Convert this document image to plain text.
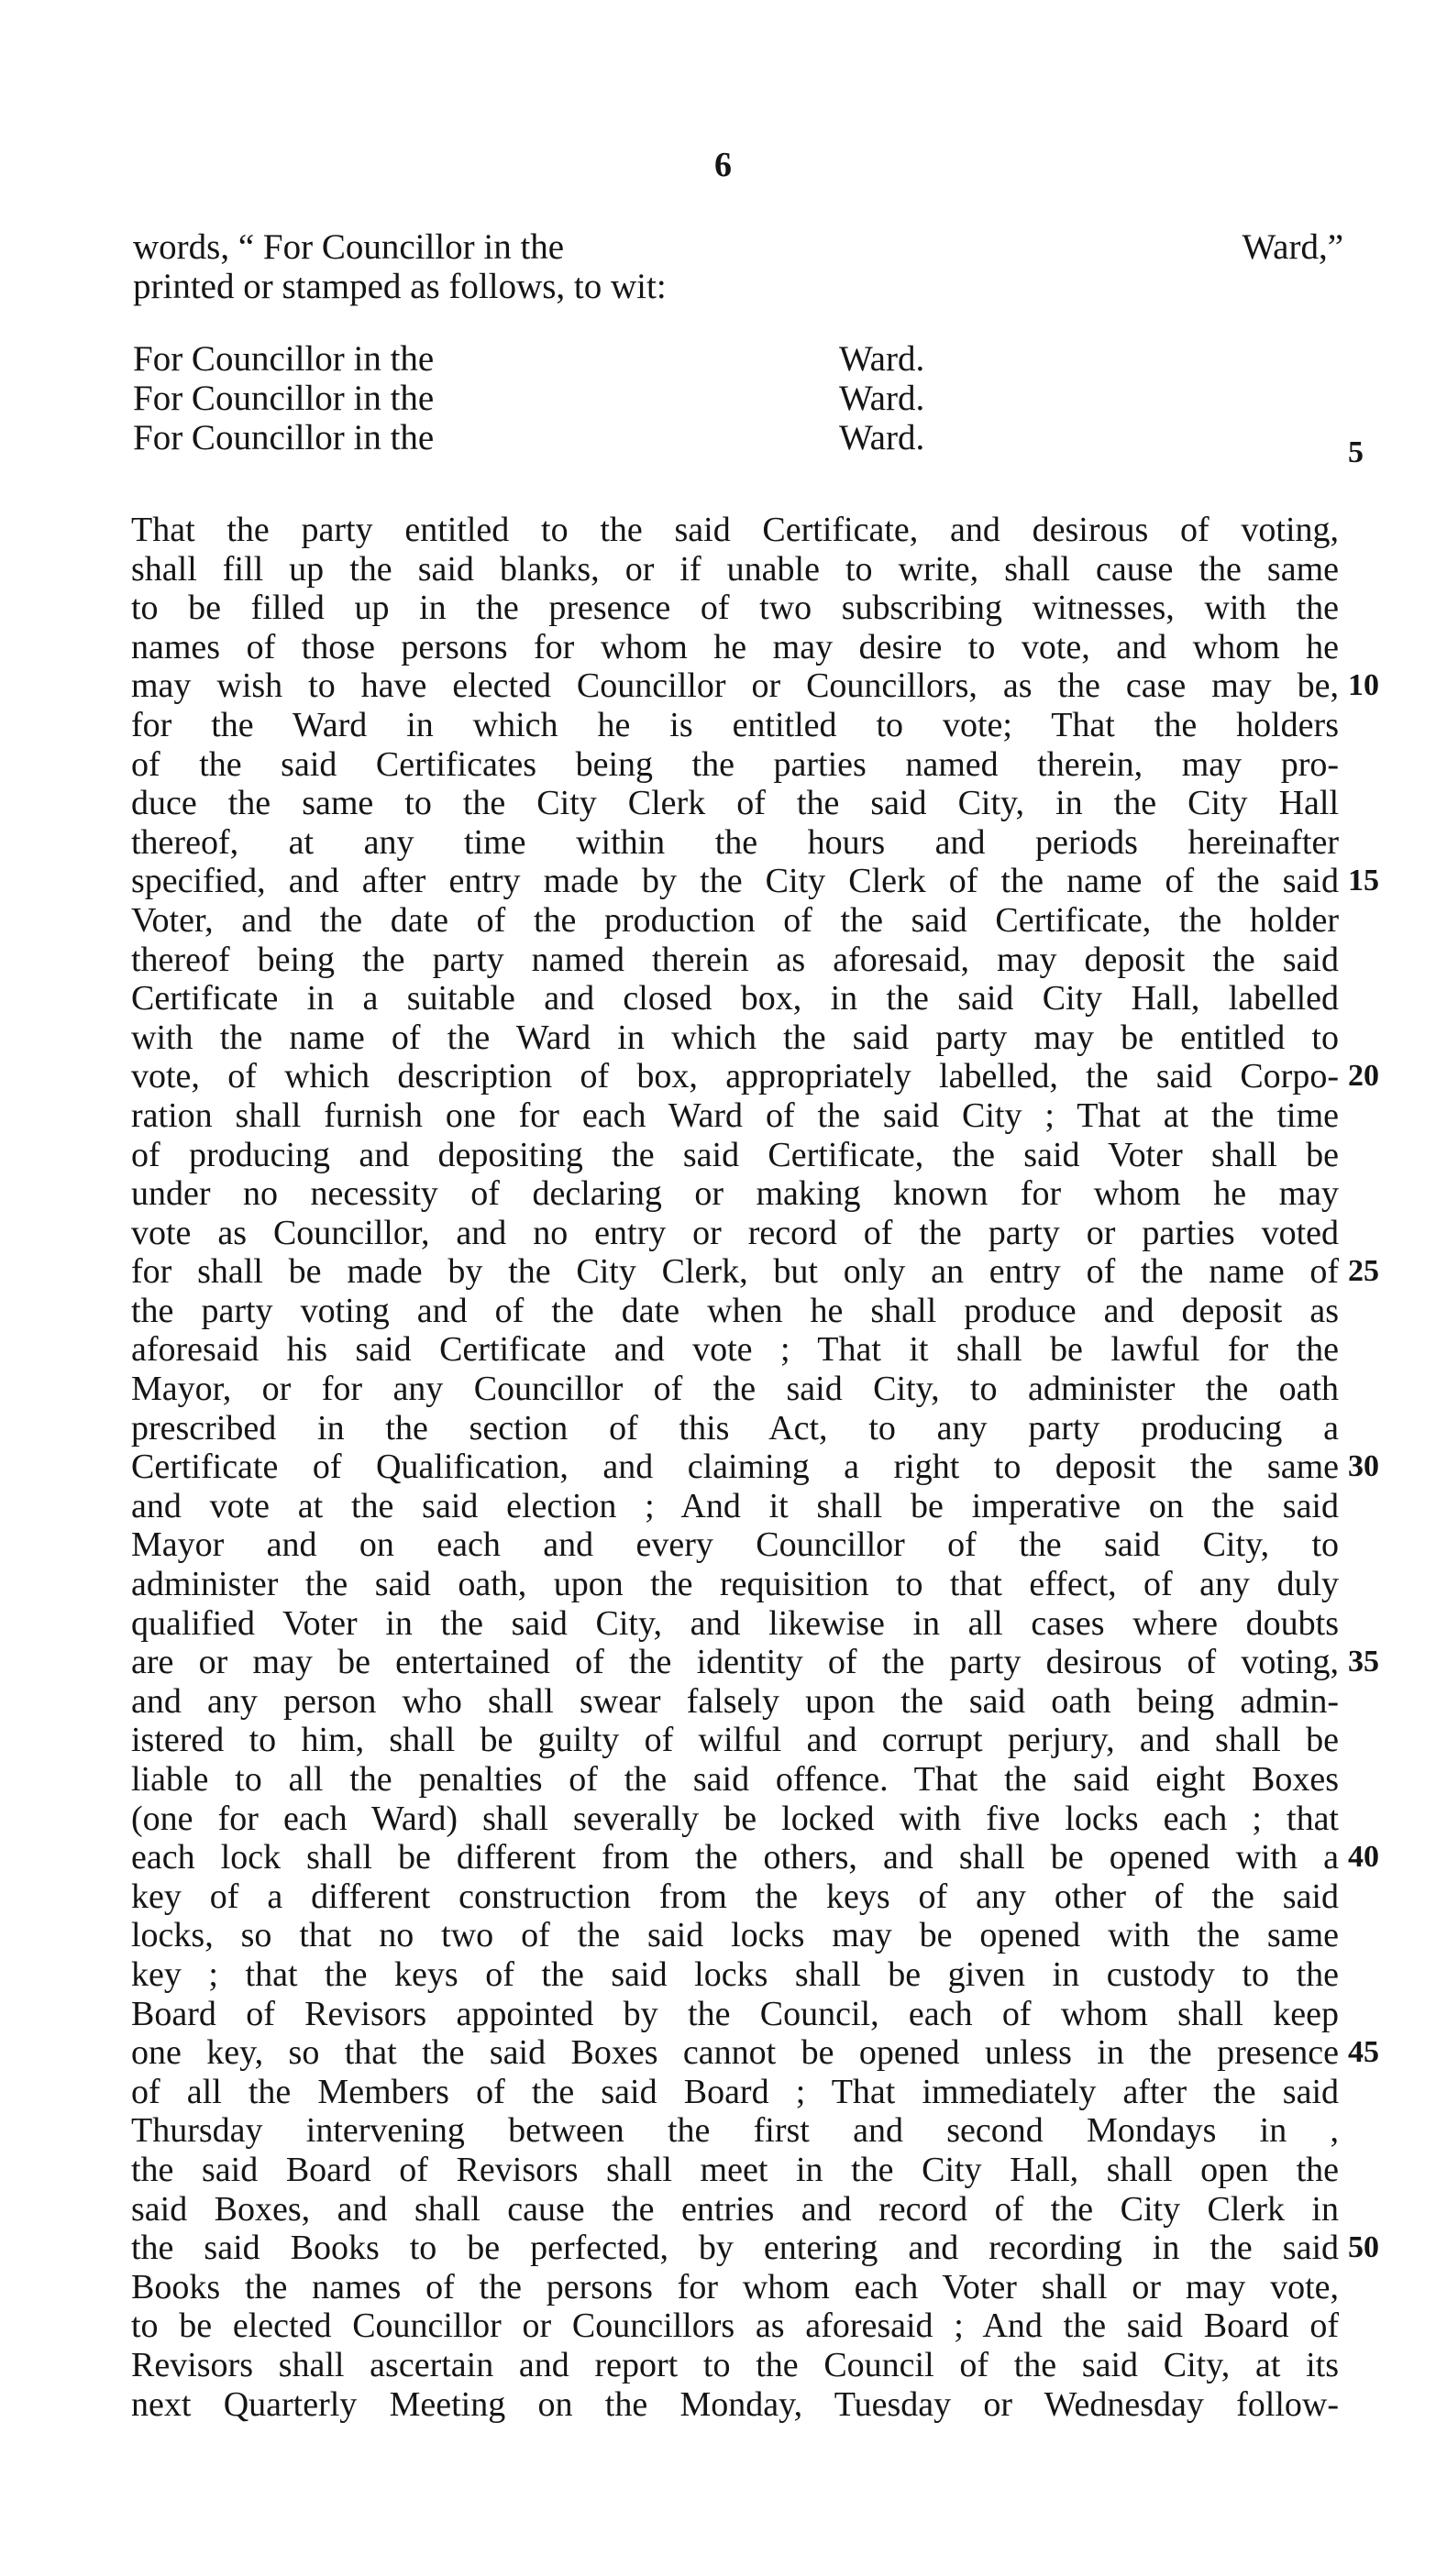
6
words, “ For Councillor in the	Ward,”
printed or stamped as follows, to wit:
For Councillor in the	Ward.
For Councillor in the	Ward.
For Councillor in the	Ward.	5
That the party entitled to the said Certificate, and desirous of voting,
shall fill up the said blanks, or if unable to write, shall cause the same
to be filled up in the presence of two subscribing witnesses, with the
names of those persons for whom he may desire to vote, and whom he
may wish to have elected Councillor or Councillors, as the case may be,
for the Ward in which he is entitled to vote; That the holders
of the said Certificates being the parties named therein, may pro-
duce the same to the City Clerk of the said City, in the City Hall
thereof, at any time within the hours and periods hereinafter
specified, and after entry made by the City Clerk of the name of the said
Voter, and the date of the production of the said Certificate, the holder
thereof being the party named therein as aforesaid, may deposit the said
Certificate in a suitable and closed box, in the said City Hall, labelled
with the name of the Ward in which the said party may be entitled to
vote, of which description of box, appropriately labelled, the said Corpo-
ration shall furnish one for each Ward of the said City ; That at the time
of producing and depositing the said Certificate, the said Voter shall be
under no necessity of declaring or making known for whom he may
vote as Councillor, and no entry or record of the party or parties voted
for shall be made by the City Clerk, but only an entry of the name of
the party voting and of the date when he shall produce and deposit as
aforesaid his said Certificate and vote ; That it shall be lawful for the
Mayor, or for any Councillor of the said City, to administer the oath
prescribed in the section of this Act, to any party producing a
Certificate of Qualification, and claiming a right to deposit the same
and vote at the said election ; And it shall be imperative on the said
Mayor and on each and every Councillor of the said City, to
administer the said oath, upon the requisition to that effect, of any duly
qualified Voter in the said City, and likewise in all cases where doubts
are or may be entertained of the identity of the party desirous of voting,
and any person who shall swear falsely upon the said oath being admin-
istered to him, shall be guilty of wilful and corrupt perjury, and shall be
liable to all the penalties of the said offence. That the said eight Boxes
(one for each Ward) shall severally be locked with five locks each ; that
each lock shall be different from the others, and shall be opened with a
key of a different construction from the keys of any other of the said
locks, so that no two of the said locks may be opened with the same
key ; that the keys of the said locks shall be given in custody to the
Board of Revisors appointed by the Council, each of whom shall keep
one key, so that the said Boxes cannot be opened unless in the presence
of all the Members of the said Board ; That immediately after the said
Thursday intervening between the first and second Mondays in ,
the said Board of Revisors shall meet in the City Hall, shall open the
said Boxes, and shall cause the entries and record of the City Clerk in
the said Books to be perfected, by entering and recording in the said
Books the names of the persons for whom each Voter shall or may vote,
to be elected Councillor or Councillors as aforesaid ; And the said Board of
Revisors shall ascertain and report to the Council of the said City, at its
next Quarterly Meeting on the Monday, Tuesday or Wednesday follow-
10
15
20
25
30
35
40
45
50
